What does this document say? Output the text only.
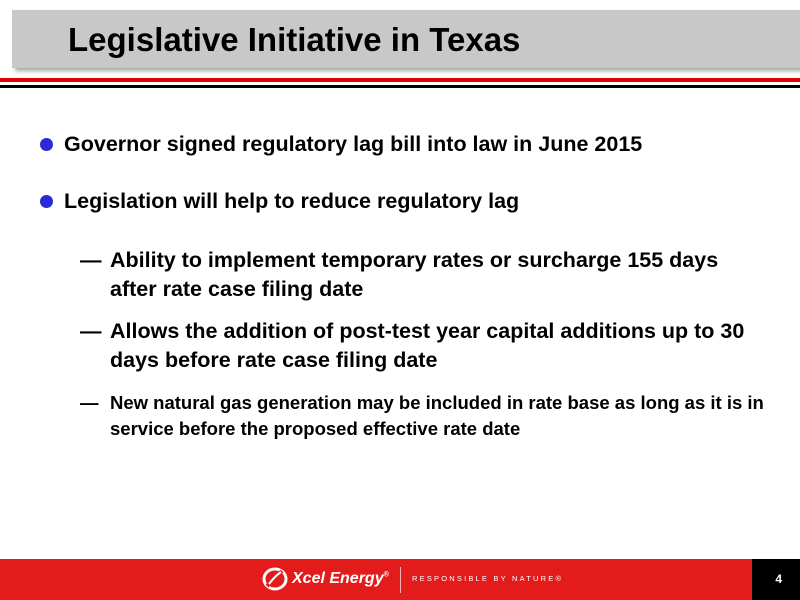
Legislative Initiative in Texas
Governor signed regulatory lag bill into law in June 2015
Legislation will help to reduce regulatory lag
— Ability to implement temporary rates or surcharge 155 days after rate case filing date
— Allows the addition of post-test year capital additions up to 30 days before rate case filing date
— New natural gas generation may be included in rate base as long as it is in service before the proposed effective rate date
Xcel Energy®	RESPONSIBLE BY NATURE®	4
